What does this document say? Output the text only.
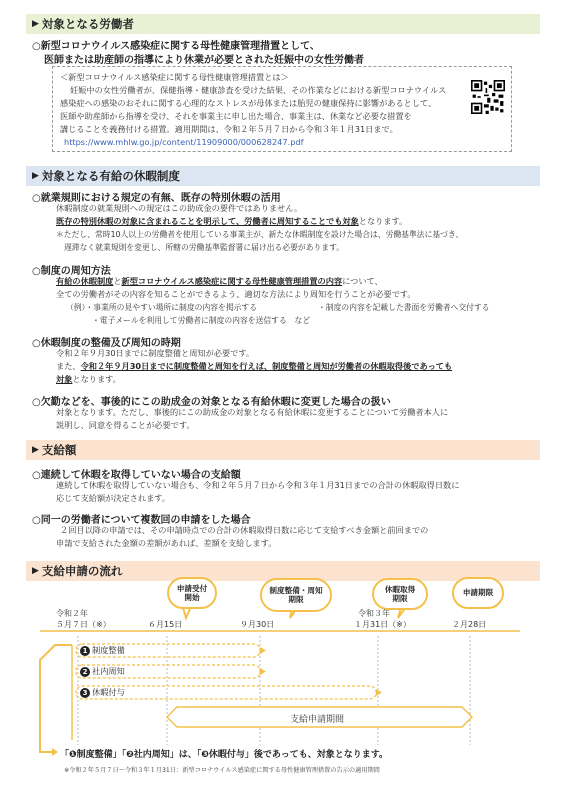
▶ 対象となる労働者
○新型コロナウイルス感染症に関する母性健康管理措置として、
医師または助産師の指導により休業が必要とされた妊娠中の女性労働者
＜新型コロナウイルス感染症に関する母性健康管理措置とは＞
妊娠中の女性労働者が、保健指導・健康診査を受けた結果、その作業などにおける新型コロナウイルス
感染症への感染のおそれに関する心理的なストレスが母体または胎児の健康保持に影響があるとして、
医師や助産師から指導を受け、それを事業主に申し出た場合、事業主は、休業など必要な措置を
講じることを義務付ける措置。適用期間は、令和２年５月７日から令和３年１月31日まで。
https://www.mhlw.go.jp/content/11909000/000628247.pdf
▶ 対象となる有給の休暇制度
○就業規則における規定の有無、既存の特別休暇の活用
休暇制度の就業規則への規定はこの助成金の要件ではありません。
既存の特別休暇の対象に含まれることを明示して、労働者に周知することでも対象となります。
＊ただし、常時10人以上の労働者を使用している事業主が、新たな休暇制度を設けた場合は、労働基準法に基づき、
遅滞なく就業規則を変更し、所轄の労働基準監督署に届け出る必要があります。
○制度の周知方法
有給の休暇制度と新型コロナウイルス感染症に関する母性健康管理措置の内容について、
全ての労働者がその内容を知ることができるよう、適切な方法により周知を行うことが必要です。
（例）・事業所の見やすい場所に制度の内容を掲示する	・制度の内容を記載した書面を労働者へ交付する
・電子メールを利用して労働者に制度の内容を送信する　など
○休暇制度の整備及び周知の時期
令和２年９月30日までに制度整備と周知が必要です。
また、令和２年９月30日までに制度整備と周知を行えば、制度整備と周知が労働者の休暇取得後であっても
対象となります。
○欠勤などを、事後的にこの助成金の対象となる有給休暇に変更した場合の扱い
対象となります。ただし、事後的にこの助成金の対象となる有給休暇に変更することについて労働者本人に
説明し、同意を得ることが必要です。
▶ 支給額
○連続して休暇を取得していない場合の支給額
連続して休暇を取得していない場合も、令和２年５月７日から令和３年１月31日までの合計の休暇取得日数に
応じて支給額が決定されます。
○同一の労働者について複数回の申請をした場合
２回目以降の申請では、その申請時点での合計の休暇取得日数に応じて支給すべき金額と前回までの
申請で支給された金額の差額があれば、差額を支給します。
▶ 支給申請の流れ
申請受付
開始
制度整備・周知
期限
休暇取得
期限
申請期限
令和２年
５月７日（※）	６月15日	９月30日
令和３年
１月31日（※）	２月28日
1 制度整備
2 社内周知
3 休暇付与
支給申請期間
「❶制度整備」「❷社内周知」は、「❸休暇付与」後であっても、対象となります。
※令和２年５月７日～令和３年１月31日：新型コロナウイルス感染症に関する母性健康管理措置の告示の適用期間
